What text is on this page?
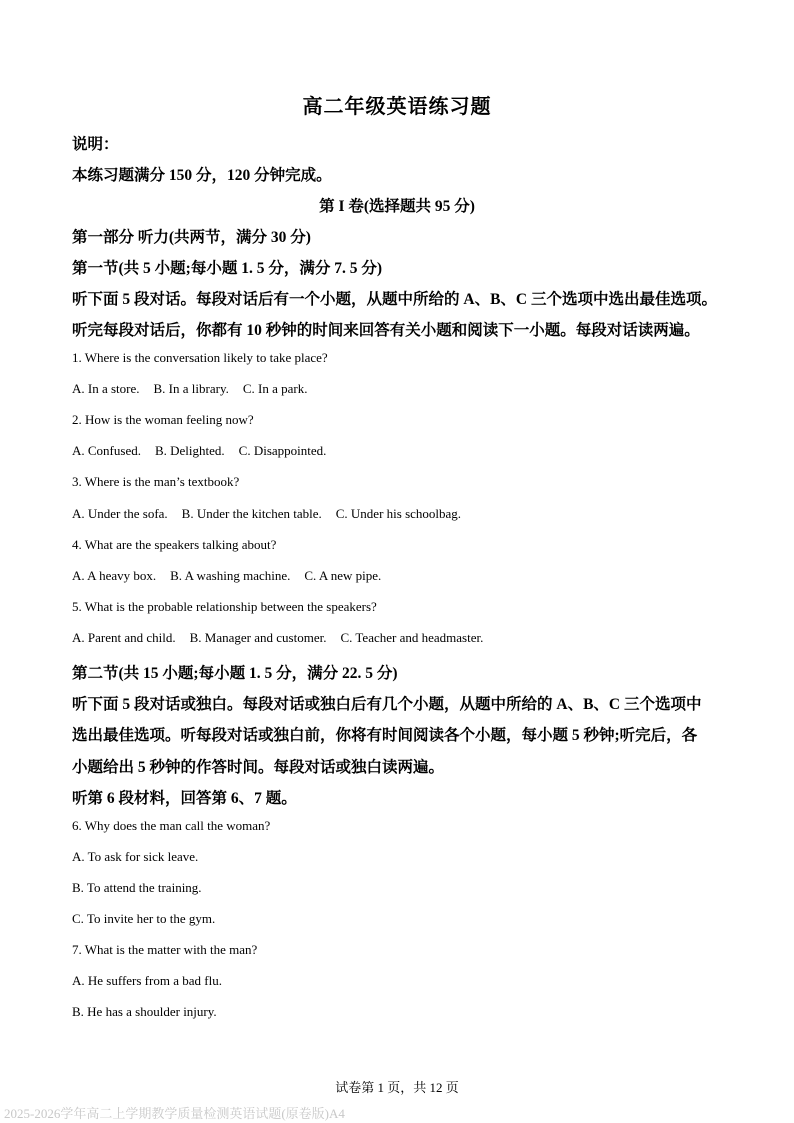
高二年级英语练习题
说明：
本练习题满分 150 分，120 分钟完成。
第 I 卷(选择题共 95 分)
第一部分 听力(共两节，满分 30 分)
第一节(共 5 小题;每小题 1. 5 分，满分 7. 5 分)
听下面 5 段对话。每段对话后有一个小题，从题中所给的 A、B、C 三个选项中选出最佳选项。
听完每段对话后，你都有 10 秒钟的时间来回答有关小题和阅读下一小题。每段对话读两遍。
1. Where is the conversation likely to take place?
A. In a store. B. In a library. C. In a park.
2. How is the woman feeling now?
A. Confused. B. Delighted. C. Disappointed.
3. Where is the man’s textbook?
A. Under the sofa. B. Under the kitchen table. C. Under his schoolbag.
4. What are the speakers talking about?
A. A heavy box. B. A washing machine. C. A new pipe.
5. What is the probable relationship between the speakers?
A. Parent and child. B. Manager and customer. C. Teacher and headmaster.
第二节(共 15 小题;每小题 1. 5 分，满分 22. 5 分)
听下面 5 段对话或独白。每段对话或独白后有几个小题，从题中所给的 A、B、C 三个选项中
选出最佳选项。听每段对话或独白前，你将有时间阅读各个小题，每小题 5 秒钟;听完后，各
小题给出 5 秒钟的作答时间。每段对话或独白读两遍。
听第 6 段材料，回答第 6、7 题。
6. Why does the man call the woman?
A. To ask for sick leave.
B. To attend the training.
C. To invite her to the gym.
7. What is the matter with the man?
A. He suffers from a bad flu.
B. He has a shoulder injury.
试卷第 1 页，共 12 页
2025-2026学年高二上学期教学质量检测英语试题(原卷版)A4
